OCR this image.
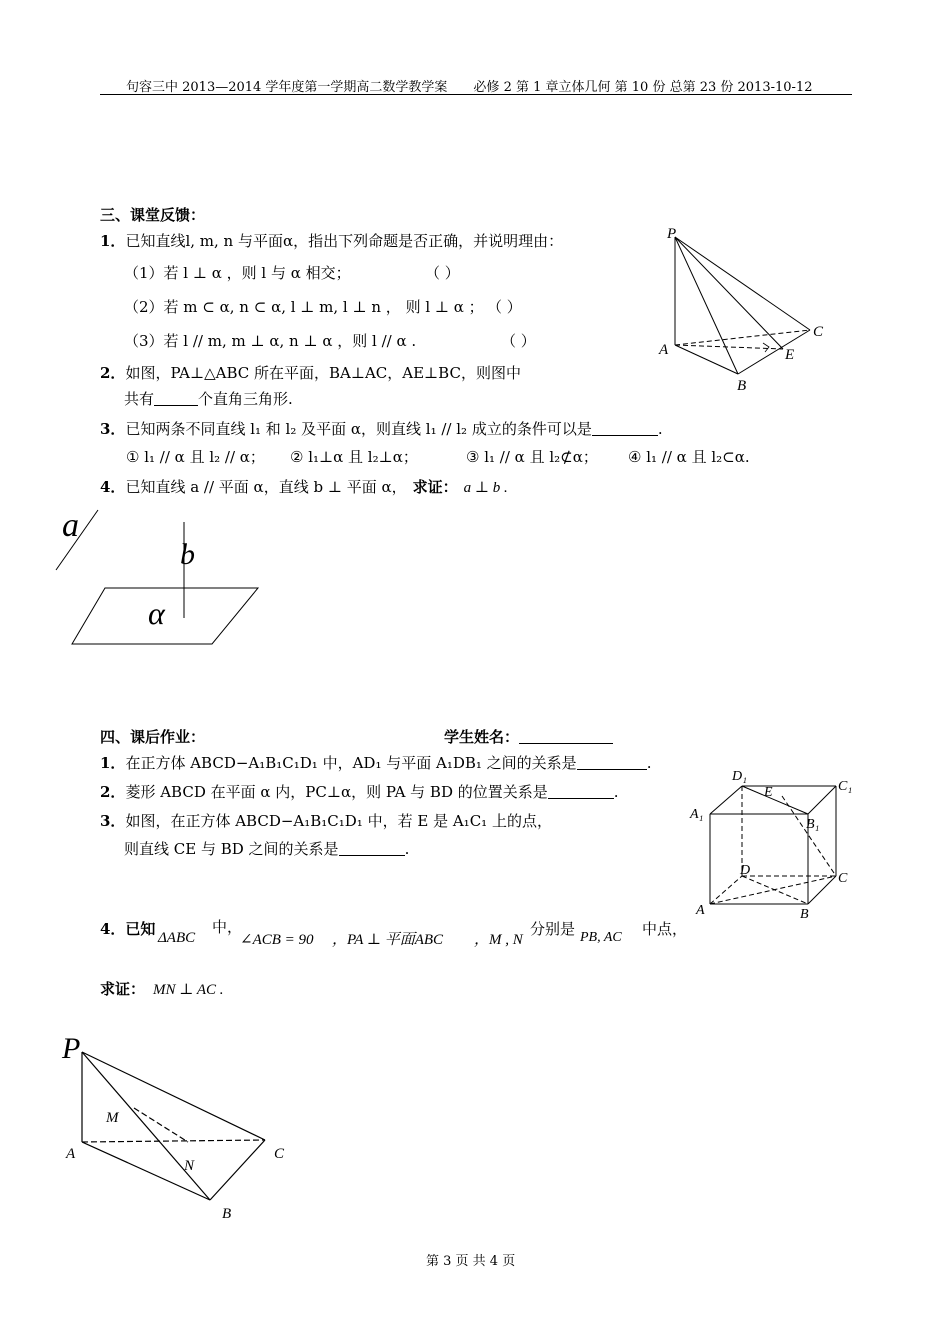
句容三中 2013—2014 学年度第一学期高二数学教学案　　必修 2 第 1 章立体几何 第 10 份 总第 23 份 2013-10-12
三、课堂反馈：
1．已知直线l, m, n 与平面α，指出下列命题是否正确，并说明理由：
（1）若 l ⊥ α ，则 l 与 α 相交；	（ ）
（2）若 m ⊂ α, n ⊂ α, l ⊥ m, l ⊥ n ， 则 l ⊥ α ； （ ）
（3）若 l // m, m ⊥ α, n ⊥ α ，则 l // α .	（ ）
2．如图，PA⊥△ABC 所在平面，BA⊥AC，AE⊥BC，则图中
共有	个直角三角形.
3．已知两条不同直线 l₁ 和 l₂ 及平面 α，则直线 l₁ // l₂ 成立的条件可以是	.
① l₁ // α 且 l₂ // α； ② l₁⊥α 且 l₂⊥α；	③ l₁ // α 且 l₂⊄α； ④ l₁ // α 且 l₂⊂α.
4．已知直线 a // 平面 α，直线 b ⊥ 平面 α， 求证： a ⊥ b .
P
A
B
C
E
a
b
α
四、课后作业：	学生姓名：
1．在正方体 ABCD−A₁B₁C₁D₁ 中，AD₁ 与平面 A₁DB₁ 之间的关系是	.
2．菱形 ABCD 在平面 α 内，PC⊥α，则 PA 与 BD 的位置关系是	.
3．如图，在正方体 ABCD−A₁B₁C₁D₁ 中，若 E 是 A₁C₁ 上的点，
则直线 CE 与 BD 之间的关系是	.
D₁
C₁
A₁
B₁
E
D
C
A	B
4．已知 ΔABC
中，
∠ACB = 90 ，PA ⊥ 平面ABC ，M , N
分别是 PB, AC 中点，
求证： MN ⊥ AC .
P
M
A
N
C
B
第 3 页 共 4 页
